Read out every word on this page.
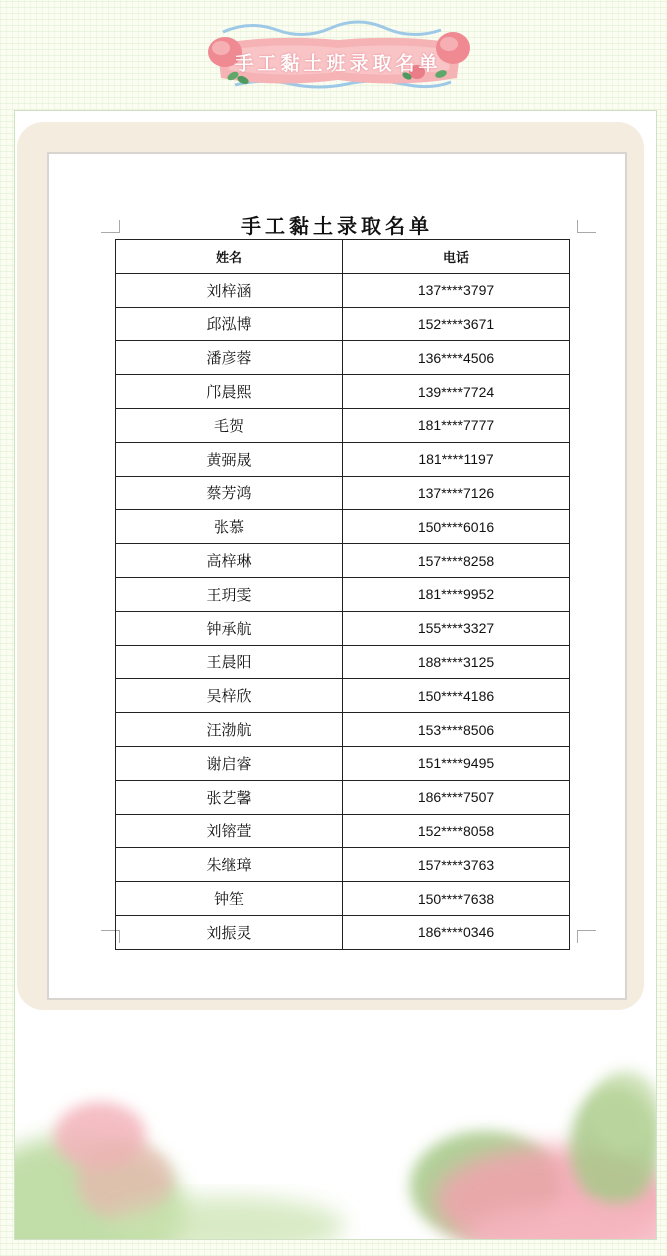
手工黏土班录取名单
手工黏土录取名单
姓名	电话
刘梓涵	137****3797
邱泓博	152****3671
潘彦蓉	136****4506
邝晨熙	139****7724
毛贺	181****7777
黄弼晟	181****1197
蔡芳鸿	137****7126
张慕	150****6016
高梓琳	157****8258
王玥雯	181****9952
钟承航	155****3327
王晨阳	188****3125
吴梓欣	150****4186
汪渤航	153****8506
谢启睿	151****9495
张艺馨	186****7507
刘镕萱	152****8058
朱继璋	157****3763
钟笙	150****7638
刘振灵	186****0346
